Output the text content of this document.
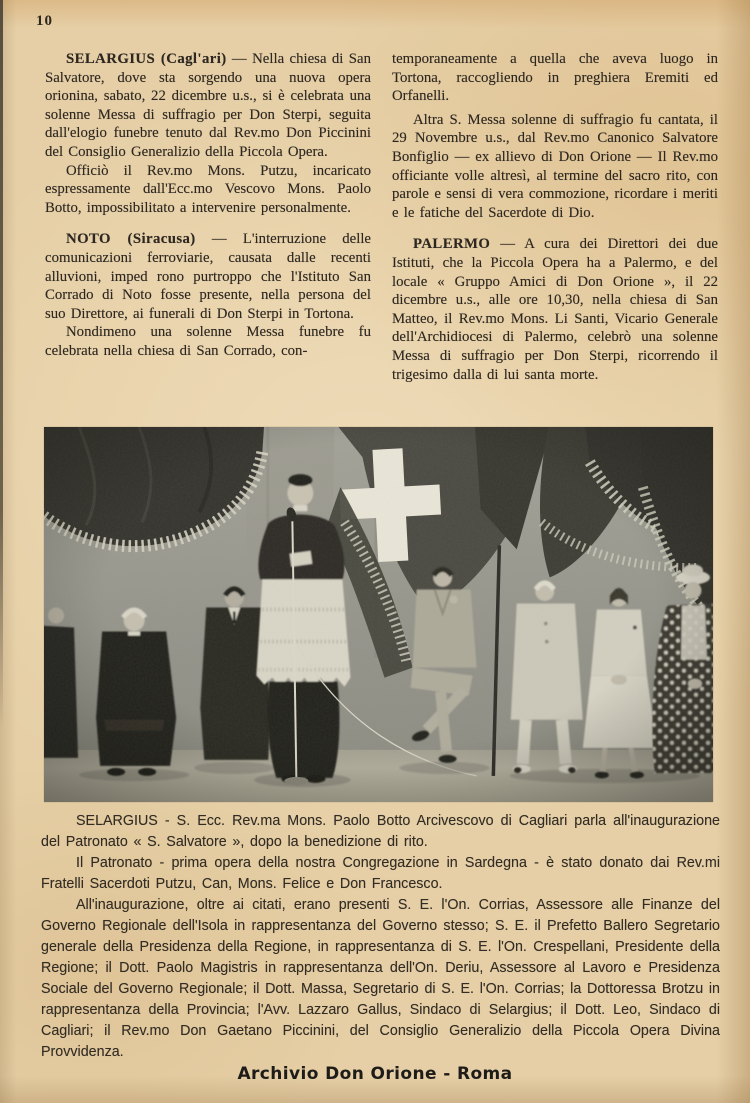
10

SELARGIUS (Cagl'ari) — Nella chiesa di San Salvatore, dove sta sorgendo una nuova opera orionina, sabato, 22 dicembre u.s., si è celebrata una solenne Messa di suffragio per Don Sterpi, seguita dall'elogio funebre tenuto dal Rev.mo Don Piccinini del Consiglio Generalizio della Piccola Opera.

Officiò il Rev.mo Mons. Putzu, incaricato espressamente dall'Ecc.mo Vescovo Mons. Paolo Botto, impossibilitato a intervenire personalmente.

NOTO (Siracusa) — L'interruzione delle comunicazioni ferroviarie, causata dalle recenti alluvioni, imped rono purtroppo che l'Istituto San Corrado di Noto fosse presente, nella persona del suo Direttore, ai funerali di Don Sterpi in Tortona.

Nondimeno una solenne Messa funebre fu celebrata nella chiesa di San Corrado, con-

temporaneamente a quella che aveva luogo in Tortona, raccogliendo in preghiera Eremiti ed Orfanelli.

Altra S. Messa solenne di suffragio fu cantata, il 29 Novembre u.s., dal Rev.mo Canonico Salvatore Bonfiglio — ex allievo di Don Orione — Il Rev.mo officiante volle altresì, al termine del sacro rito, con parole e sensi di vera commozione, ricordare i meriti e le fatiche del Sacerdote di Dio.

PALERMO — A cura dei Direttori dei due Istituti, che la Piccola Opera ha a Palermo, e del locale « Gruppo Amici di Don Orione », il 22 dicembre u.s., alle ore 10,30, nella chiesa di San Matteo, il Rev.mo Mons. Li Santi, Vicario Generale dell'Archidiocesi di Palermo, celebrò una solenne Messa di suffragio per Don Sterpi, ricorrendo il trigesimo dalla di lui santa morte.

SELARGIUS - S. Ecc. Rev.ma Mons. Paolo Botto Arcivescovo di Cagliari parla all'inaugurazione del Patronato « S. Salvatore », dopo la benedizione di rito.

Il Patronato - prima opera della nostra Congregazione in Sardegna - è stato donato dai Rev.mi Fratelli Sacerdoti Putzu, Can, Mons. Felice e Don Francesco.

All'inaugurazione, oltre ai citati, erano presenti S. E. l'On. Corrias, Assessore alle Finanze del Governo Regionale dell'Isola in rappresentanza del Governo stesso; S. E. il Prefetto Ballero Segretario generale della Presidenza della Regione, in rappresentanza di S. E. l'On. Crespellani, Presidente della Regione; il Dott. Paolo Magistris in rappresentanza dell'On. Deriu, Assessore al Lavoro e Presidenza Sociale del Governo Regionale; il Dott. Massa, Segretario di S. E. l'On. Corrias; la Dottoressa Brotzu in rappresentanza della Provincia; l'Avv. Lazzaro Gallus, Sindaco di Selargius; il Dott. Leo, Sindaco di Cagliari; il Rev.mo Don Gaetano Piccinini, del Consiglio Generalizio della Piccola Opera Divina Provvidenza.

Archivio Don Orione - Roma
